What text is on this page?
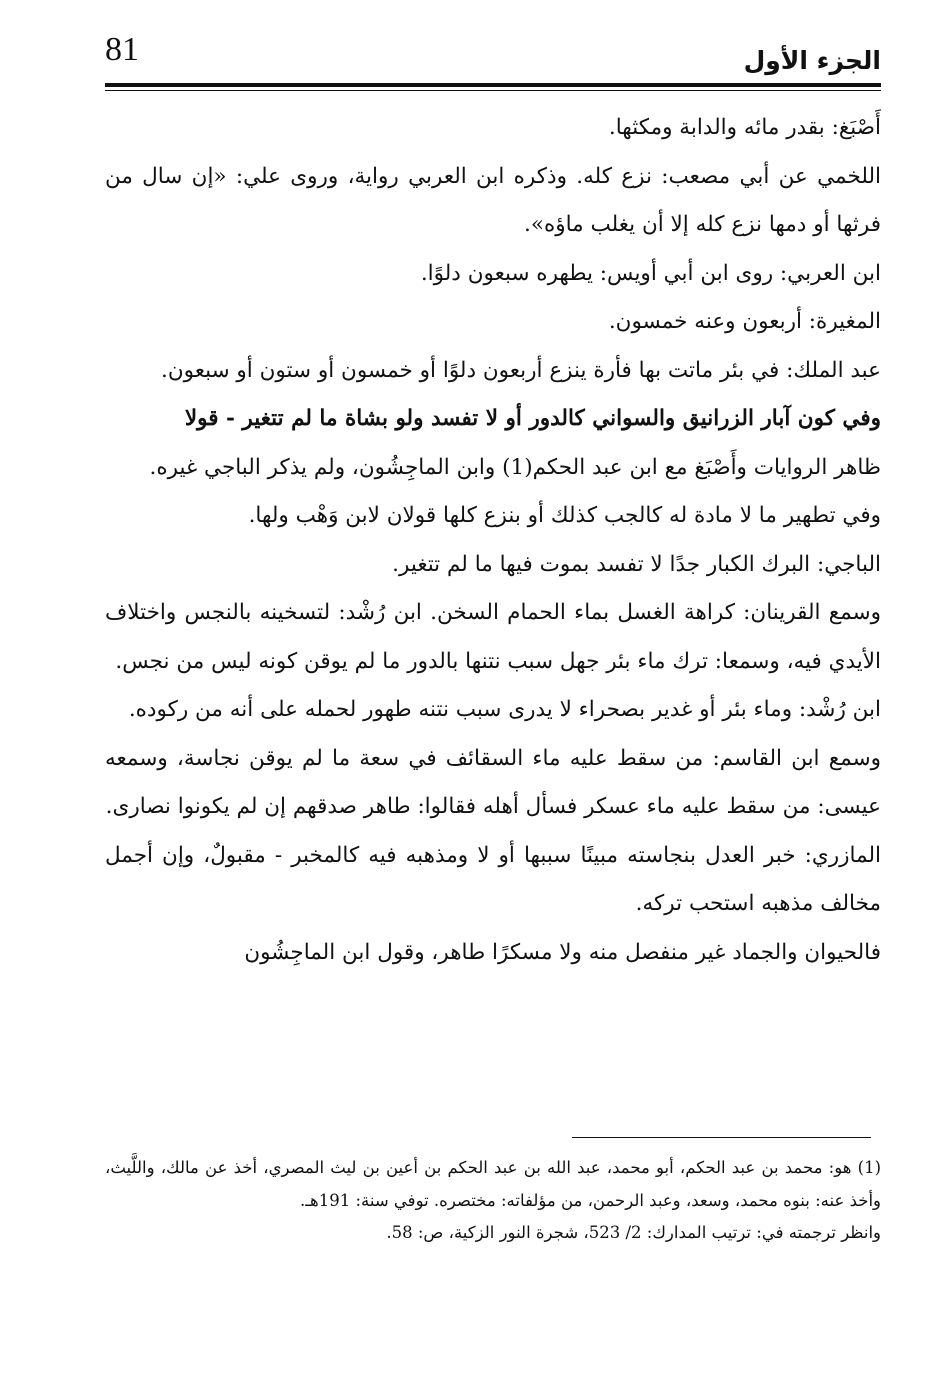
81	الجزء الأول

أَصْبَغ: بقدر مائه والدابة ومكثها.

اللخمي عن أبي مصعب: نزع كله. وذكره ابن العربي رواية، وروى علي: «إن سال من فرثها أو دمها نزع كله إلا أن يغلب ماؤه».

ابن العربي: روى ابن أبي أويس: يطهره سبعون دلوًا.

المغيرة: أربعون وعنه خمسون.

عبد الملك: في بئر ماتت بها فأرة ينزع أربعون دلوًا أو خمسون أو ستون أو سبعون.

وفي كون آبار الزرانيق والسواني كالدور أو لا تفسد ولو بشاة ما لم تتغير - قولا

ظاهر الروايات وأَصْبَغ مع ابن عبد الحكم(1) وابن الماجِشُون، ولم يذكر الباجي غيره.

وفي تطهير ما لا مادة له كالجب كذلك أو بنزع كلها قولان لابن وَهْب ولها.

الباجي: البرك الكبار جدًا لا تفسد بموت فيها ما لم تتغير.

وسمع القرينان: كراهة الغسل بماء الحمام السخن. ابن رُشْد: لتسخينه بالنجس واختلاف الأيدي فيه، وسمعا: ترك ماء بئر جهل سبب نتنها بالدور ما لم يوقن كونه ليس من نجس.

ابن رُشْد: وماء بئر أو غدير بصحراء لا يدرى سبب نتنه طهور لحمله على أنه من ركوده.

وسمع ابن القاسم: من سقط عليه ماء السقائف في سعة ما لم يوقن نجاسة، وسمعه عيسى: من سقط عليه ماء عسكر فسأل أهله فقالوا: طاهر صدقهم إن لم يكونوا نصارى.

المازري: خبر العدل بنجاسته مبينًا سببها أو لا ومذهبه فيه كالمخبر - مقبولٌ، وإن أجمل مخالف مذهبه استحب تركه.

فالحيوان والجماد غير منفصل منه ولا مسكرًا طاهر، وقول ابن الماجِشُون

(1) هو: محمد بن عبد الحكم، أبو محمد، عبد الله بن عبد الحكم بن أعين بن ليث المصري، أخذ عن مالك، واللَّيث، وأخذ عنه: بنوه محمد، وسعد، وعبد الرحمن، من مؤلفاته: مختصره. توفي سنة: 191هـ.

وانظر ترجمته في: ترتيب المدارك: 2/ 523، شجرة النور الزكية، ص: 58.
